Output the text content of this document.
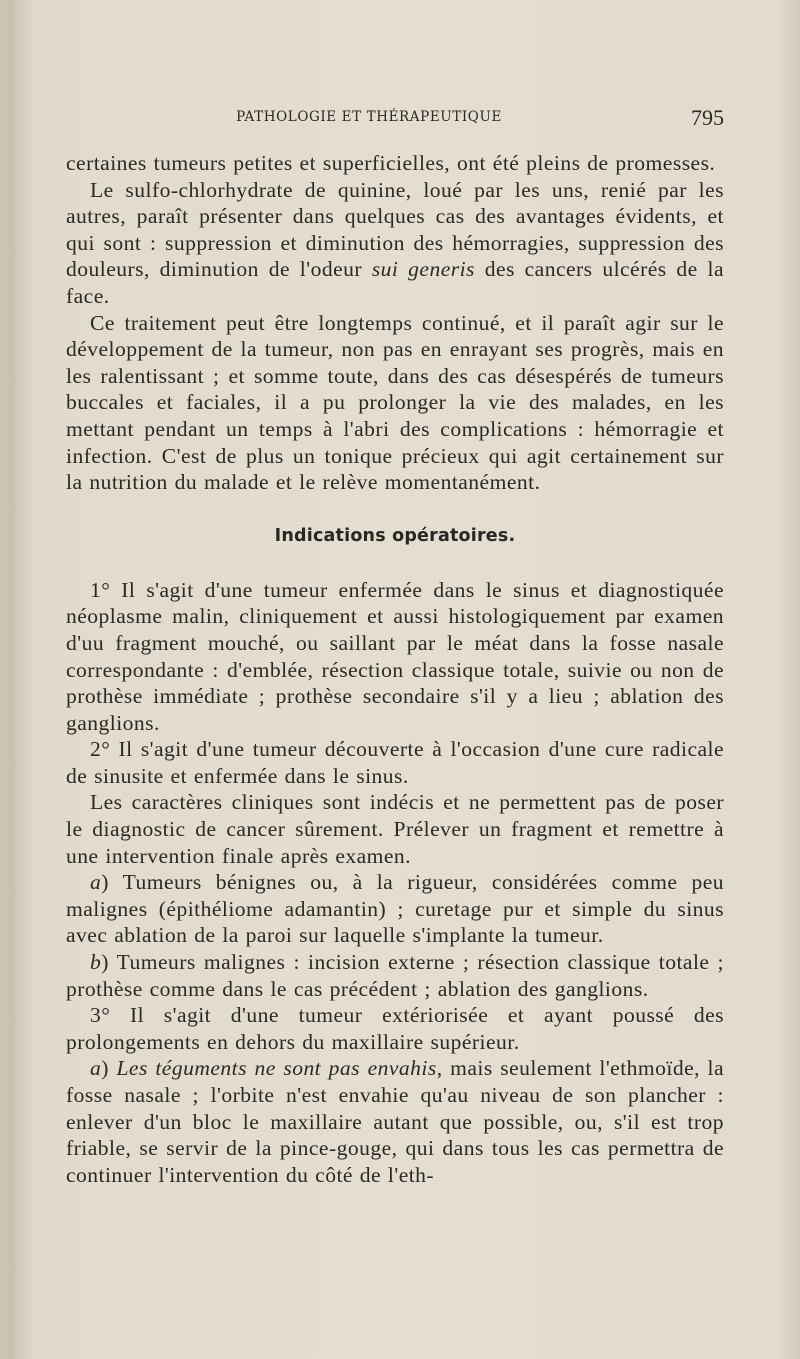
PATHOLOGIE ET THÉRAPEUTIQUE	795

certaines tumeurs petites et superficielles, ont été pleins de promesses.

Le sulfo-chlorhydrate de quinine, loué par les uns, renié par les autres, paraît présenter dans quelques cas des avantages évidents, et qui sont : suppression et diminution des hémorragies, suppression des douleurs, diminution de l'odeur sui generis des cancers ulcérés de la face.

Ce traitement peut être longtemps continué, et il paraît agir sur le développement de la tumeur, non pas en enrayant ses progrès, mais en les ralentissant ; et somme toute, dans des cas désespérés de tumeurs buccales et faciales, il a pu prolonger la vie des malades, en les mettant pendant un temps à l'abri des complications : hémorragie et infection. C'est de plus un tonique précieux qui agit certainement sur la nutrition du malade et le relève momentanément.

Indications opératoires.

1° Il s'agit d'une tumeur enfermée dans le sinus et diagnostiquée néoplasme malin, cliniquement et aussi histologiquement par examen d'uu fragment mouché, ou saillant par le méat dans la fosse nasale correspondante : d'emblée, résection classique totale, suivie ou non de prothèse immédiate ; prothèse secondaire s'il y a lieu ; ablation des ganglions.

2° Il s'agit d'une tumeur découverte à l'occasion d'une cure radicale de sinusite et enfermée dans le sinus.

Les caractères cliniques sont indécis et ne permettent pas de poser le diagnostic de cancer sûrement. Prélever un fragment et remettre à une intervention finale après examen.

a) Tumeurs bénignes ou, à la rigueur, considérées comme peu malignes (épithéliome adamantin) ; curetage pur et simple du sinus avec ablation de la paroi sur laquelle s'implante la tumeur.

b) Tumeurs malignes : incision externe ; résection classique totale ; prothèse comme dans le cas précédent ; ablation des ganglions.

3° Il s'agit d'une tumeur extériorisée et ayant poussé des prolongements en dehors du maxillaire supérieur.

a) Les téguments ne sont pas envahis, mais seulement l'ethmoïde, la fosse nasale ; l'orbite n'est envahie qu'au niveau de son plancher : enlever d'un bloc le maxillaire autant que possible, ou, s'il est trop friable, se servir de la pince-gouge, qui dans tous les cas permettra de continuer l'intervention du côté de l'eth-
